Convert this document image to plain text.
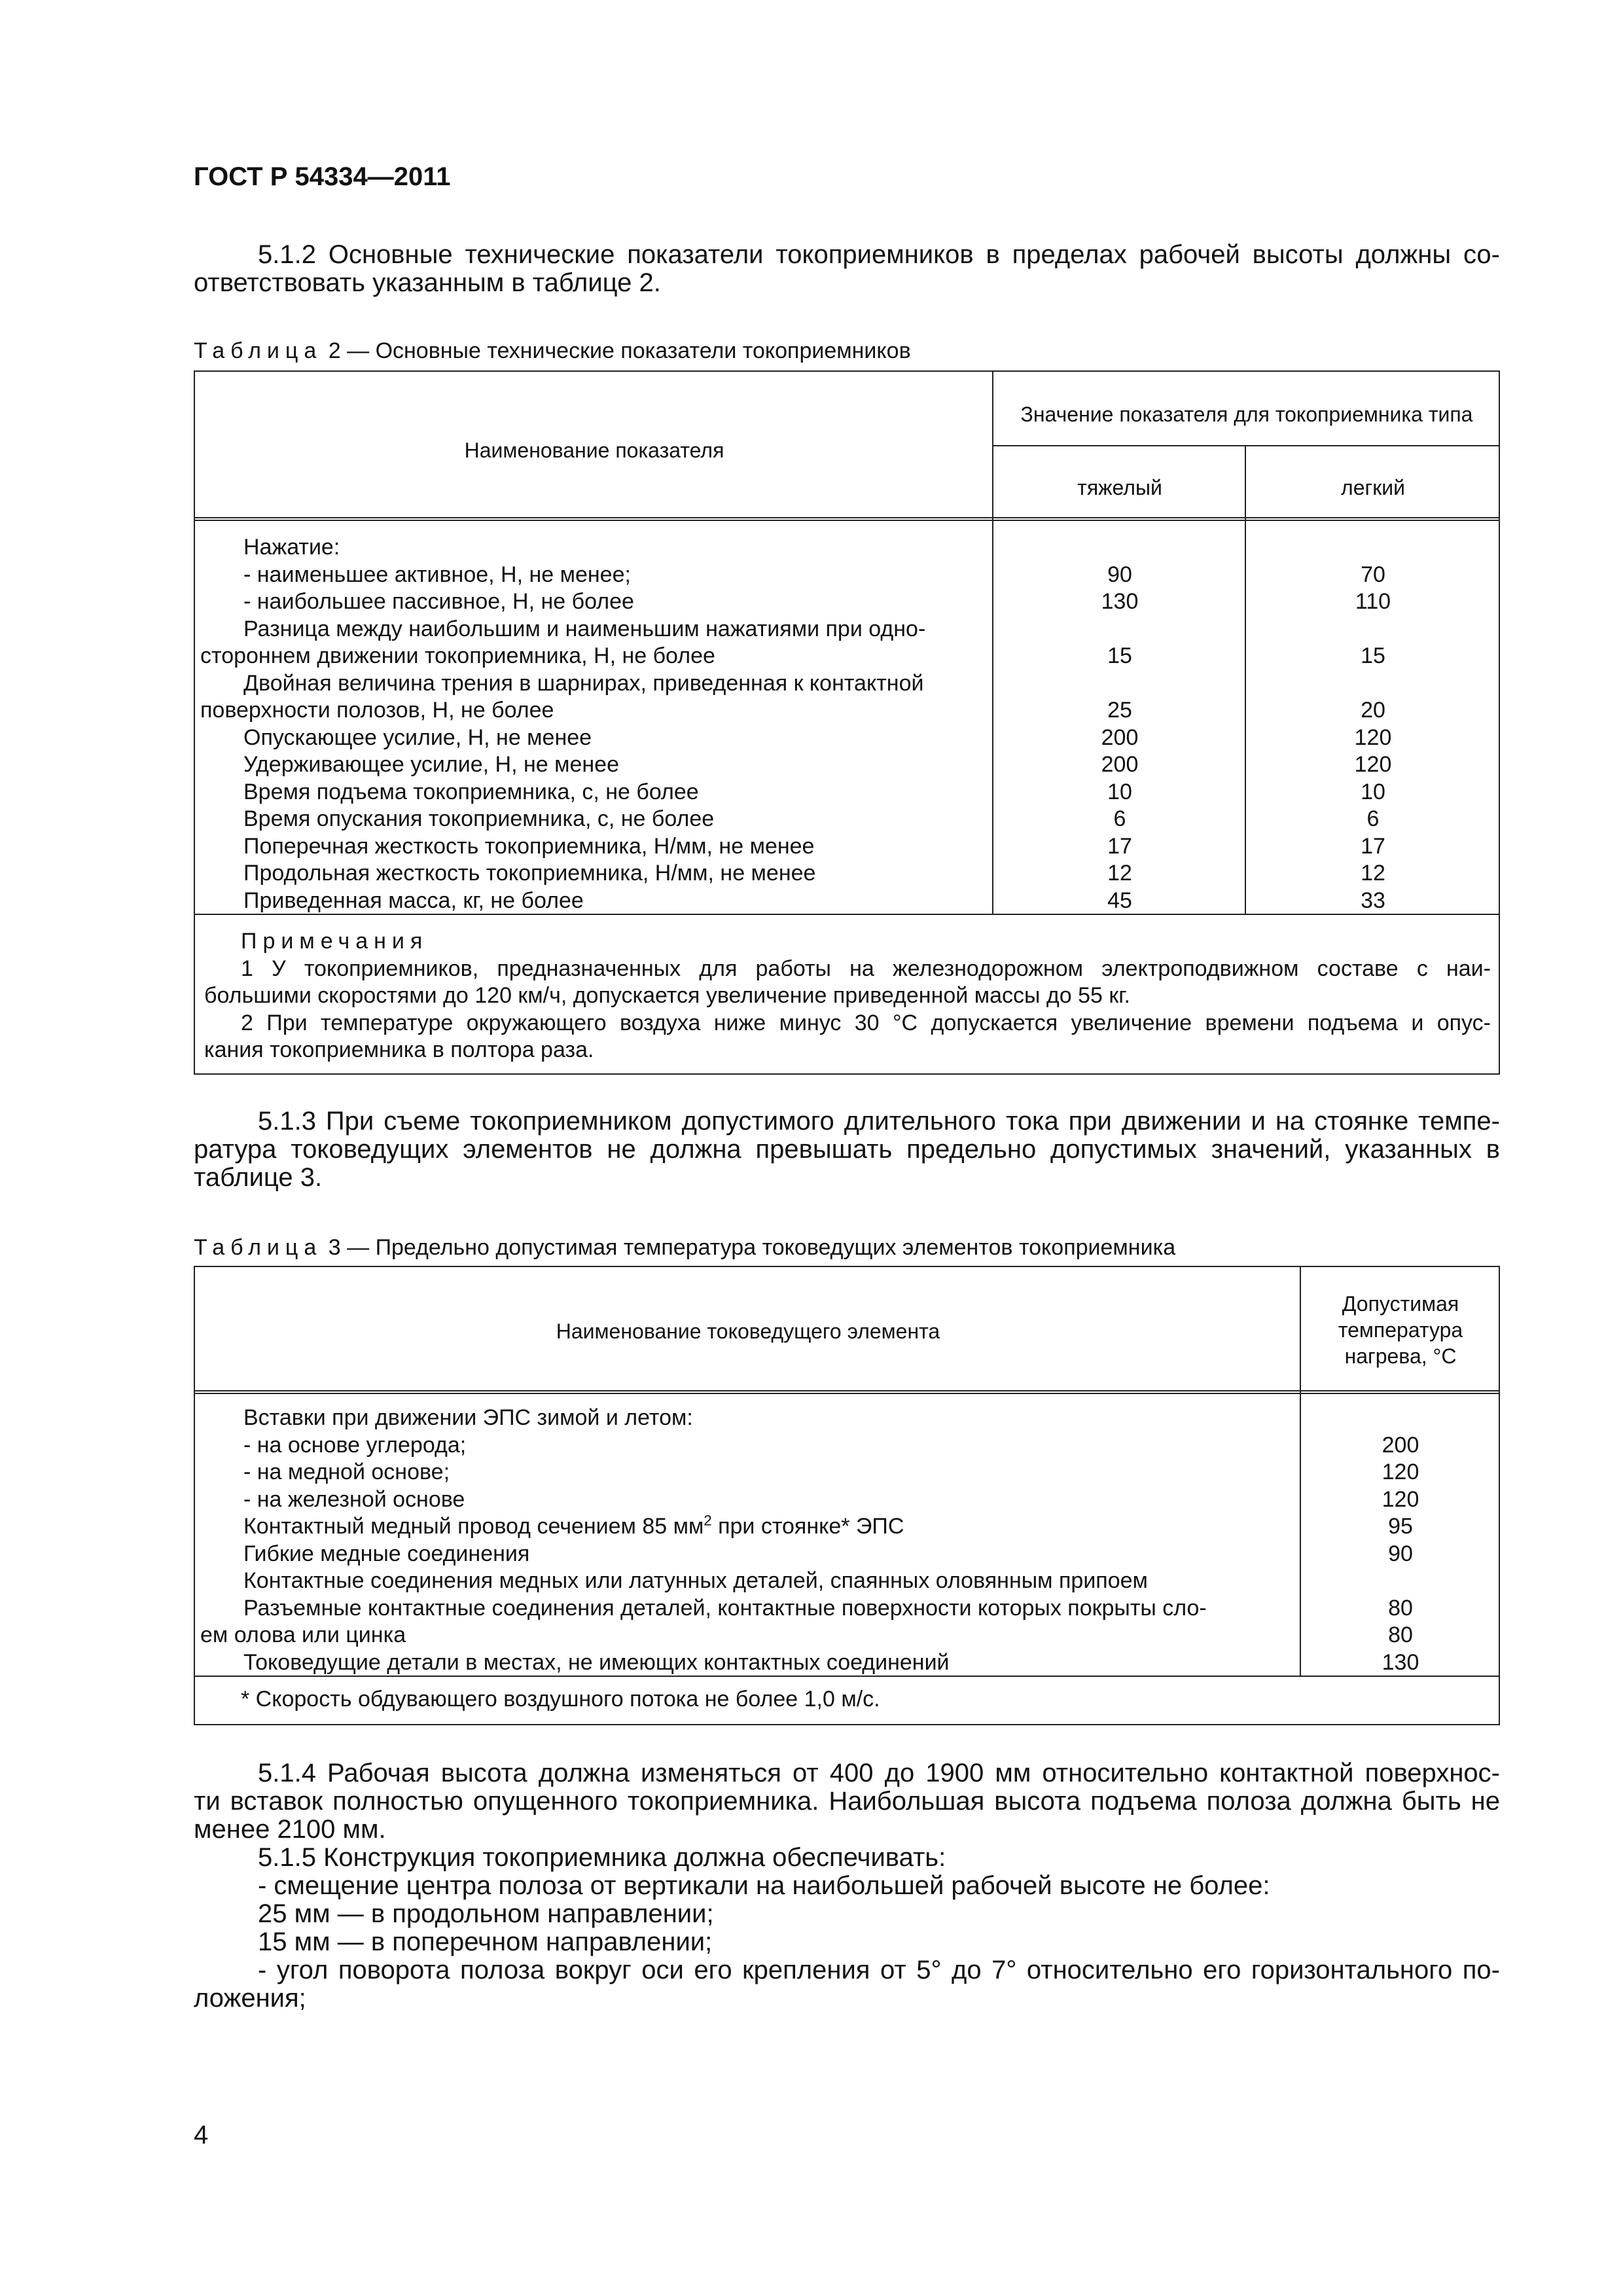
ГОСТ Р 54334—2011
5.1.2 Основные технические показатели токоприемников в пределах рабочей высоты должны со-
ответствовать указанным в таблице 2.
Таблица 2 — Основные технические показатели токоприемников
Наименование показателя
Значение показателя для токоприемника типа
тяжелый	легкий
Нажатие:
- наименьшее активное, Н, не менее;	90	70
- наибольшее пассивное, Н, не более	130	110
Разница между наибольшим и наименьшим нажатиями при одно-
стороннем движении токоприемника, Н, не более	15	15
Двойная величина трения в шарнирах, приведенная к контактной
поверхности полозов, Н, не более	25	20
Опускающее усилие, Н, не менее	200	120
Удерживающее усилие, Н, не менее	200	120
Время подъема токоприемника, с, не более	10	10
Время опускания токоприемника, с, не более	6	6
Поперечная жесткость токоприемника, Н/мм, не менее	17	17
Продольная жесткость токоприемника, Н/мм, не менее	12	12
Приведенная масса, кг, не более	45	33
Примечания
1 У токоприемников, предназначенных для работы на железнодорожном электроподвижном составе с наи-
большими скоростями до 120 км/ч, допускается увеличение приведенной массы до 55 кг.
2 При температуре окружающего воздуха ниже минус 30 °С допускается увеличение времени подъема и опус-
кания токоприемника в полтора раза.
5.1.3 При съеме токоприемником допустимого длительного тока при движении и на стоянке темпе-
ратура токоведущих элементов не должна превышать предельно допустимых значений, указанных в
таблице 3.
Таблица 3 — Предельно допустимая температура токоведущих элементов токоприемника
Наименование токоведущего элемента
Допустимая
температура
нагрева, °С
Вставки при движении ЭПС зимой и летом:
- на основе углерода;	200
- на медной основе;	120
- на железной основе	120
Контактный медный провод сечением 85 $мм^2$ при стоянке* ЭПС	95
Гибкие медные соединения	90
Контактные соединения медных или латунных деталей, спаянных оловянным припоем
Разъемные контактные соединения деталей, контактные поверхности которых покрыты сло-	80
ем олова или цинка	80
Токоведущие детали в местах, не имеющих контактных соединений	130
* Скорость обдувающего воздушного потока не более 1,0 м/с.
5.1.4 Рабочая высота должна изменяться от 400 до 1900 мм относительно контактной поверхнос-
ти вставок полностью опущенного токоприемника. Наибольшая высота подъема полоза должна быть не
менее 2100 мм.
5.1.5 Конструкция токоприемника должна обеспечивать:
- смещение центра полоза от вертикали на наибольшей рабочей высоте не более:
25 мм — в продольном направлении;
15 мм — в поперечном направлении;
- угол поворота полоза вокруг оси его крепления от 5° до 7° относительно его горизонтального по-
ложения;
4
